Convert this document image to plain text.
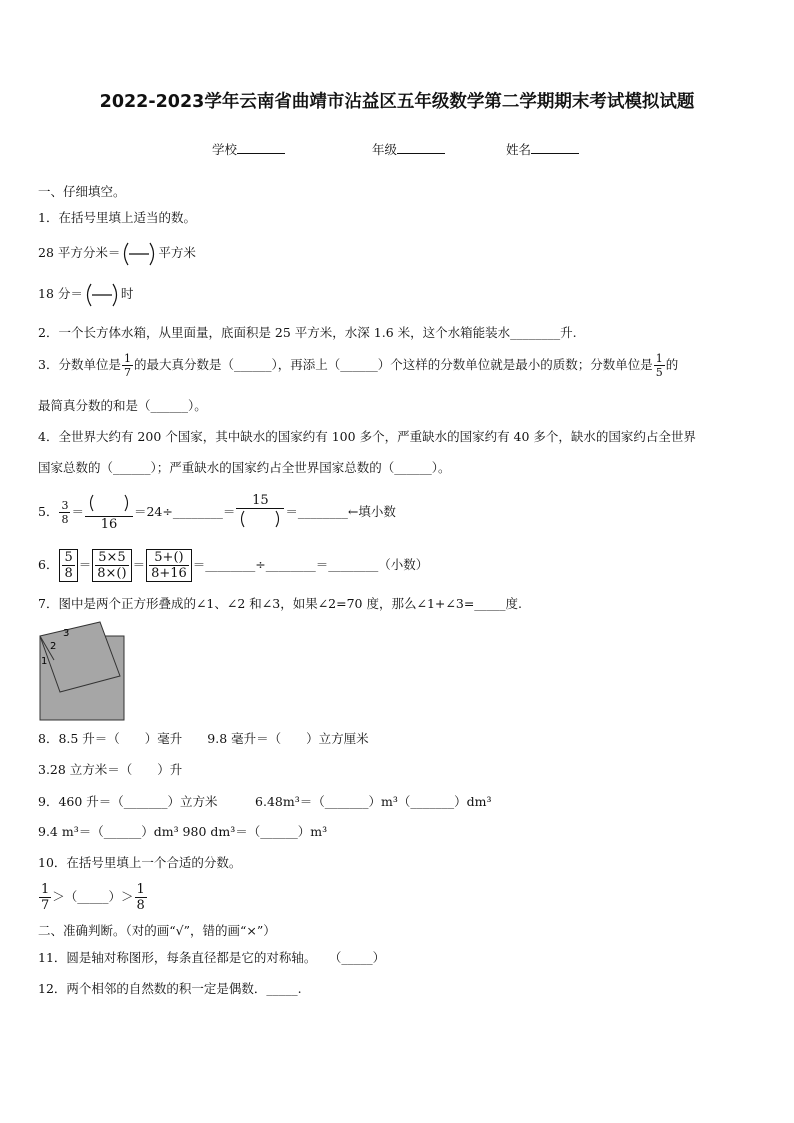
2022-2023学年云南省曲靖市沾益区五年级数学第二学期期末考试模拟试题
学校	年级	姓名
一、仔细填空。
1．在括号里填上适当的数。
28 平方分米＝	平方米
18 分＝	时
2．一个长方体水箱，从里面量，底面积是 25 平方米，水深 1.6 米，这个水箱能装水________升.
3．分数单位是 $\frac{1}{7}$ 的最大真分数是（______），再添上（______）个这样的分数单位就是最小的质数；分数单位是 $\frac{1}{5}$ 的
最简真分数的和是（______）。
4．全世界大约有 200 个国家，其中缺水的国家约有 100 多个，严重缺水的国家约有 40 多个，缺水的国家约占全世界
国家总数的（______）；严重缺水的国家约占全世界国家总数的（______）。
5． $\frac{3}{8}$ ＝
16
＝24÷________＝
15
＝________←填小数
6． $\frac{5}{8} = \frac{5\times 5}{8\times()} = \frac{5+()}{8+16}$ ＝________÷________＝________（小数）
7．图中是两个正方形叠成的∠1、∠2 和∠3，如果∠2=70 度，那么∠1+∠3=_____度.
3
2
1
8．8.5 升＝（　　）毫升　　9.8 毫升＝（　　）立方厘米
3.28 立方米＝（　　）升
9．460 升＝（_______）立方米　　　6.48m³＝（_______）m³（_______）dm³
9.4 m³＝（______）dm³ 980 dm³＝（______）m³
10．在括号里填上一个合适的分数。
$\frac{1}{7}$ ＞（_____）＞ $\frac{1}{8}$
二、准确判断。（对的画“√”，错的画“×”）
11．圆是轴对称图形，每条直径都是它的对称轴。　　（_____）
12．两个相邻的自然数的积一定是偶数．_____.
